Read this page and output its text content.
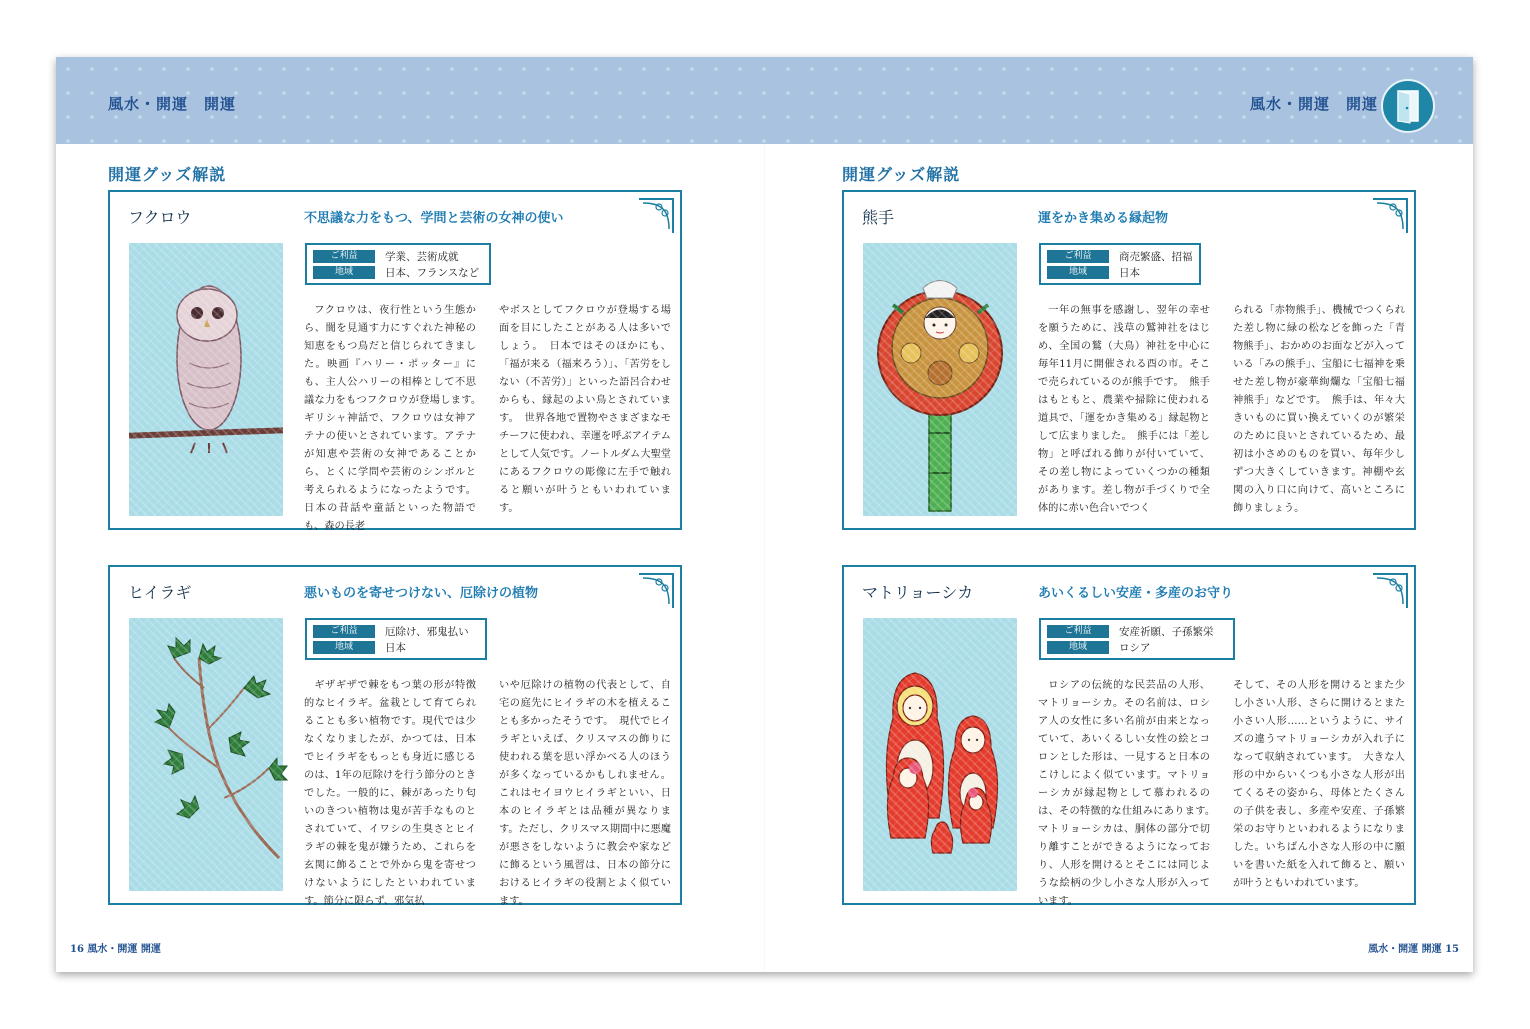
風水・開運　開運	風水・開運　開運
開運グッズ解説	開運グッズ解説
フクロウ	不思議な力をもつ、学問と芸術の女神の使い
ご利益	学業、芸術成就
地域	日本、フランスなど
フクロウは、夜行性という生態から、闇を見通す力にすぐれた神秘の知恵をもつ鳥だと信じられてきました。映画『ハリー・ポッター』にも、主人公ハリーの相棒として不思議な力をもつフクロウが登場します。　ギリシャ神話で、フクロウは女神アテナの使いとされています。アテナが知恵や芸術の女神であることから、とくに学問や芸術のシンボルと考えられるようになったようです。日本の昔話や童話といった物語でも、森の長老
やボスとしてフクロウが登場する場面を目にしたことがある人は多いでしょう。　日本ではそのほかにも、「福が来る（福来ろう）」、「苦労をしない（不苦労）」といった語呂合わせからも、縁起のよい鳥とされています。　世界各地で置物やさまざまなモチーフに使われ、幸運を呼ぶアイテムとして人気です。ノートルダム大聖堂にあるフクロウの彫像に左手で触れると願いが叶うともいわれています。
ヒイラギ	悪いものを寄せつけない、厄除けの植物
ご利益	厄除け、邪鬼払い
地域	日本
ギザギザで棘をもつ葉の形が特徴的なヒイラギ。盆栽として育てられることも多い植物です。現代では少なくなりましたが、かつては、日本でヒイラギをもっとも身近に感じるのは、1年の厄除けを行う節分のときでした。一般的に、棘があったり匂いのきつい植物は鬼が苦手なものとされていて、イワシの生臭さとヒイラギの棘を鬼が嫌うため、これらを玄関に飾ることで外から鬼を寄せつけないようにしたといわれています。節分に限らず、邪気払
いや厄除けの植物の代表として、自宅の庭先にヒイラギの木を植えることも多かったそうです。　現代でヒイラギといえば、クリスマスの飾りに使われる葉を思い浮かべる人のほうが多くなっているかもしれません。これはセイヨウヒイラギといい、日本のヒイラギとは品種が異なります。ただし、クリスマス期間中に悪魔が悪さをしないように教会や家などに飾るという風習は、日本の節分におけるヒイラギの役割とよく似ています。
熊手	運をかき集める縁起物
ご利益	商売繁盛、招福
地域	日本
一年の無事を感謝し、翌年の幸せを願うために、浅草の鷲神社をはじめ、全国の鷲（大鳥）神社を中心に毎年11月に開催される酉の市。そこで売られているのが熊手です。　熊手はもともと、農業や掃除に使われる道具で、「運をかき集める」縁起物として広まりました。　熊手には「差し物」と呼ばれる飾りが付いていて、その差し物によっていくつかの種類があります。差し物が手づくりで全体的に赤い色合いでつく
られる「赤物熊手」、機械でつくられた差し物に緑の松などを飾った「青物熊手」、おかめのお面などが入っている「みの熊手」、宝船に七福神を乗せた差し物が豪華絢爛な「宝船七福神熊手」などです。　熊手は、年々大きいものに買い換えていくのが繁栄のために良いとされているため、最初は小さめのものを買い、毎年少しずつ大きくしていきます。神棚や玄関の入り口に向けて、高いところに飾りましょう。
マトリョーシカ	あいくるしい安産・多産のお守り
ご利益	安産祈願、子孫繁栄
地域	ロシア
ロシアの伝統的な民芸品の人形、マトリョーシカ。その名前は、ロシア人の女性に多い名前が由来となっていて、あいくるしい女性の絵とコロンとした形は、一見すると日本のこけしによく似ています。マトリョーシカが縁起物として慕われるのは、その特徴的な仕組みにあります。　マトリョーシカは、胴体の部分で切り離すことができるようになっており、人形を開けるとそこには同じような絵柄の少し小さな人形が入っています。
そして、その人形を開けるとまた少し小さい人形、さらに開けるとまた小さい人形……というように、サイズの違うマトリョーシカが入れ子になって収納されています。　大きな人形の中からいくつも小さな人形が出てくるその姿から、母体とたくさんの子供を表し、多産や安産、子孫繁栄のお守りといわれるようになりました。いちばん小さな人形の中に願いを書いた紙を入れて飾ると、願いが叶うともいわれています。
16 風水・開運 開運	風水・開運 開運 15
